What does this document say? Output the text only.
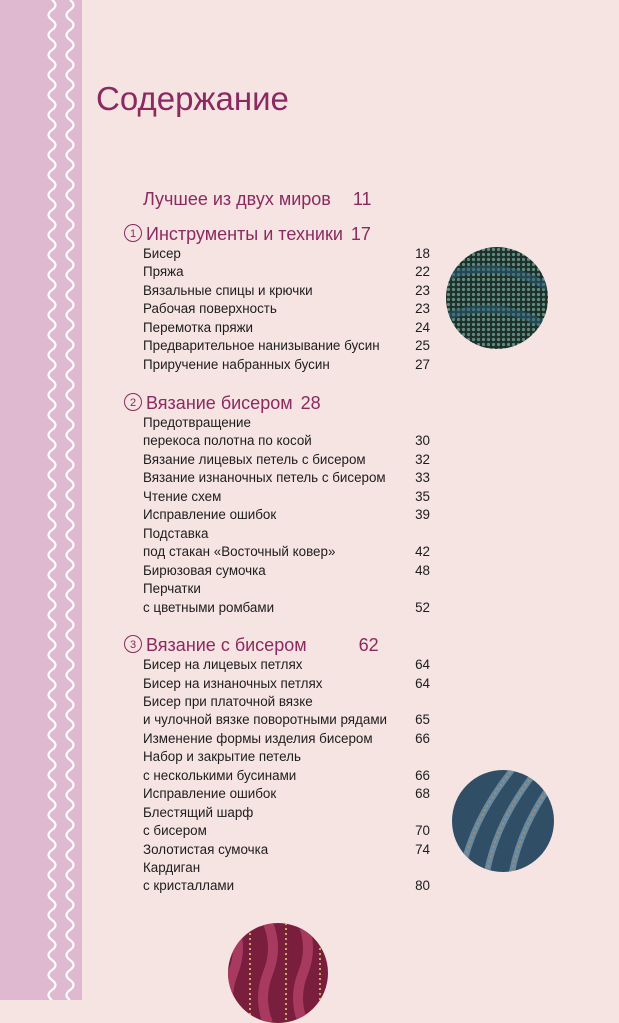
Содержание
Лучшее из двух миров 11
1 Инструменты и техники 17
Бисер	18
Пряжа	22
Вязальные спицы и крючки	23
Рабочая поверхность	23
Перемотка пряжи	24
Предварительное нанизывание бусин	25
Приручение набранных бусин	27
2 Вязание бисером 28
Предотвращение
перекоса полотна по косой	30
Вязание лицевых петель с бисером	32
Вязание изнаночных петель с бисером 33
Чтение схем	35
Исправление ошибок	39
Подставка
под стакан «Восточный ковер»	42
Бирюзовая сумочка	48
Перчатки
с цветными ромбами	52
3 Вязание с бисером	62
Бисер на лицевых петлях	64
Бисер на изнаночных петлях	64
Бисер при платочной вязке
и чулочной вязке поворотными рядами 65
Изменение формы изделия бисером	66
Набор и закрытие петель
с несколькими бусинами	66
Исправление ошибок	68
Блестящий шарф
с бисером	70
Золотистая сумочка	74
Кардиган
с кристаллами	80
